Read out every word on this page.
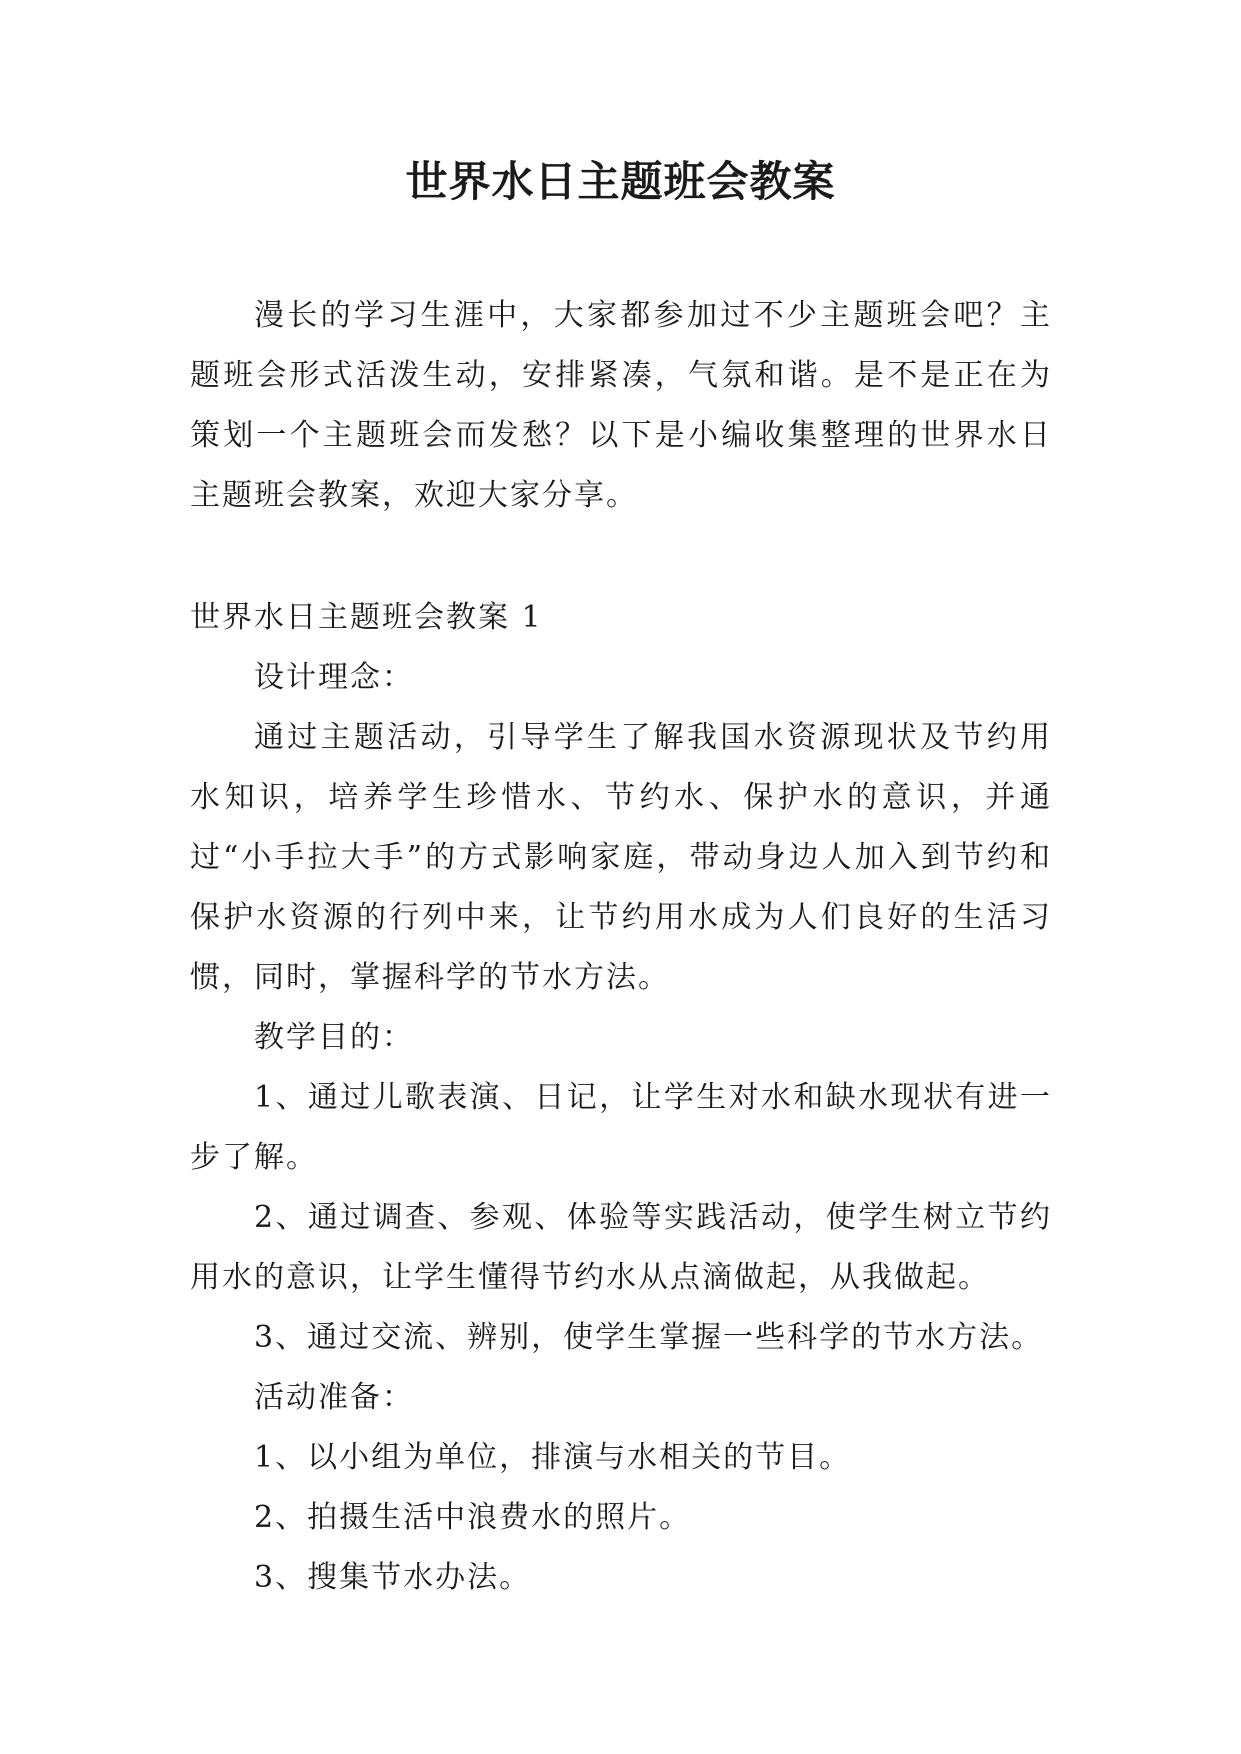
世界水日主题班会教案

漫长的学习生涯中，大家都参加过不少主题班会吧？主题班会形式活泼生动，安排紧凑，气氛和谐。是不是正在为策划一个主题班会而发愁？以下是小编收集整理的世界水日主题班会教案，欢迎大家分享。

世界水日主题班会教案 1

设计理念：

通过主题活动，引导学生了解我国水资源现状及节约用水知识，培养学生珍惜水、节约水、保护水的意识，并通过“小手拉大手”的方式影响家庭，带动身边人加入到节约和保护水资源的行列中来，让节约用水成为人们良好的生活习惯，同时，掌握科学的节水方法。

教学目的：

1、通过儿歌表演、日记，让学生对水和缺水现状有进一步了解。

2、通过调查、参观、体验等实践活动，使学生树立节约用水的意识，让学生懂得节约水从点滴做起，从我做起。

3、通过交流、辨别，使学生掌握一些科学的节水方法。

活动准备：

1、以小组为单位，排演与水相关的节目。

2、拍摄生活中浪费水的照片。

3、搜集节水办法。
